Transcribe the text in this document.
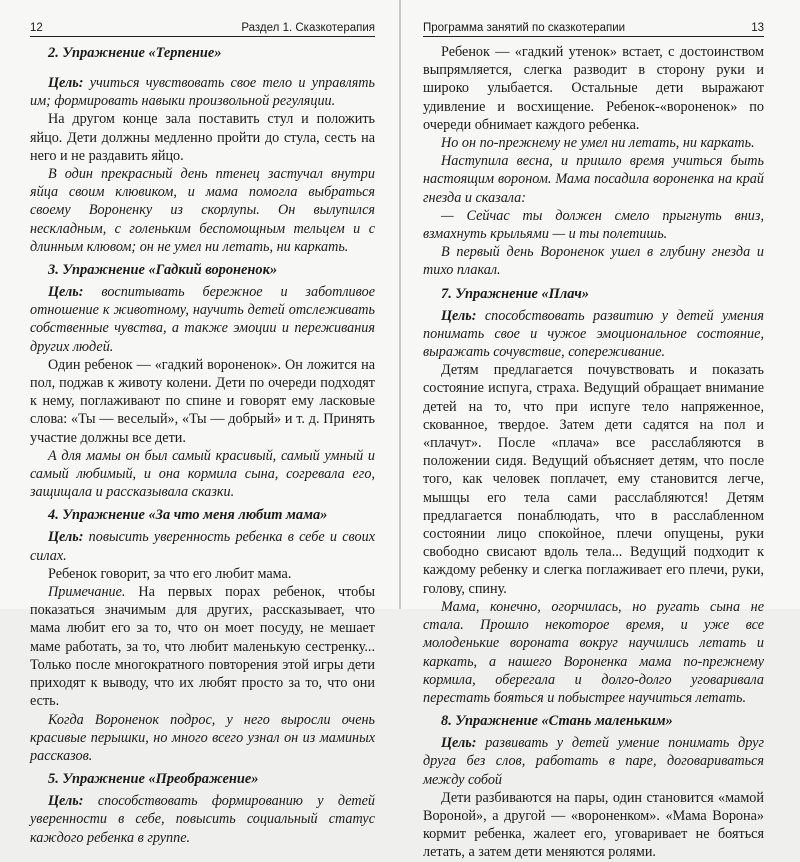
12	Раздел 1. Сказкотерапия

2. Упражнение «Терпение»

Цель: учиться чувствовать свое тело и управлять им; формировать навыки произвольной регуляции.

На другом конце зала поставить стул и положить яйцо. Дети должны медленно пройти до стула, сесть на него и не раздавить яйцо.

В один прекрасный день птенец застучал внутри яйца своим клювиком, и мама помогла выбраться своему Вороненку из скорлупы. Он вылупился нескладным, с голеньким беспомощным тельцем и с длинным клювом; он не умел ни летать, ни каркать.

3. Упражнение «Гадкий вороненок»

Цель: воспитывать бережное и заботливое отношение к животному, научить детей отслеживать собственные чувства, а также эмоции и переживания других людей.

Один ребенок — «гадкий вороненок». Он ложится на пол, поджав к животу колени. Дети по очереди подходят к нему, поглаживают по спине и говорят ему ласковые слова: «Ты — веселый», «Ты — добрый» и т. д. Принять участие должны все дети.

А для мамы он был самый красивый, самый умный и самый любимый, и она кормила сына, согревала его, защищала и рассказывала сказки.

4. Упражнение «За что меня любит мама»

Цель: повысить уверенность ребенка в себе и своих силах.

Ребенок говорит, за что его любит мама.

Примечание. На первых порах ребенок, чтобы показаться значимым для других, рассказывает, что мама любит его за то, что он моет посуду, не мешает маме работать, за то, что любит маленькую сестренку... Только после многократного повторения этой игры дети приходят к выводу, что их любят просто за то, что они есть.

Когда Вороненок подрос, у него выросли очень красивые перышки, но много всего узнал он из маминых рассказов.

5. Упражнение «Преображение»

Цель: способствовать формированию у детей уверенности в себе, повысить социальный статус каждого ребенка в группе.

Программа занятий по сказкотерапии	13

Ребенок — «гадкий утенок» встает, с достоинством выпрямляется, слегка разводит в сторону руки и широко улыбается. Остальные дети выражают удивление и восхищение. Ребенок-«вороненок» по очереди обнимает каждого ребенка.

Но он по-прежнему не умел ни летать, ни каркать.

Наступила весна, и пришло время учиться быть настоящим вороном. Мама посадила вороненка на край гнезда и сказала:

— Сейчас ты должен смело прыгнуть вниз, взмахнуть крыльями — и ты полетишь.

В первый день Вороненок ушел в глубину гнезда и тихо плакал.

7. Упражнение «Плач»

Цель: способствовать развитию у детей умения понимать свое и чужое эмоциональное состояние, выражать сочувствие, сопереживание.

Детям предлагается почувствовать и показать состояние испуга, страха. Ведущий обращает внимание детей на то, что при испуге тело напряженное, скованное, твердое. Затем дети садятся на пол и «плачут». После «плача» все расслабляются в положении сидя. Ведущий объясняет детям, что после того, как человек поплачет, ему становится легче, мышцы его тела сами расслабляются! Детям предлагается понаблюдать, что в расслабленном состоянии лицо спокойное, плечи опущены, руки свободно свисают вдоль тела... Ведущий подходит к каждому ребенку и слегка поглаживает его плечи, руки, голову, спину.

Мама, конечно, огорчилась, но ругать сына не стала. Прошло некоторое время, и уже все молоденькие вороната вокруг научились летать и каркать, а нашего Вороненка мама по-прежнему кормила, оберегала и долго-долго уговаривала перестать бояться и побыстрее научиться летать.

8. Упражнение «Стань маленьким»

Цель: развивать у детей умение понимать друг друга без слов, работать в паре, договариваться между собой

Дети разбиваются на пары, один становится «мамой Вороной», а другой — «вороненком». «Мама Ворона» кормит ребенка, жалеет его, уговаривает не бояться летать, а затем дети меняются ролями.
